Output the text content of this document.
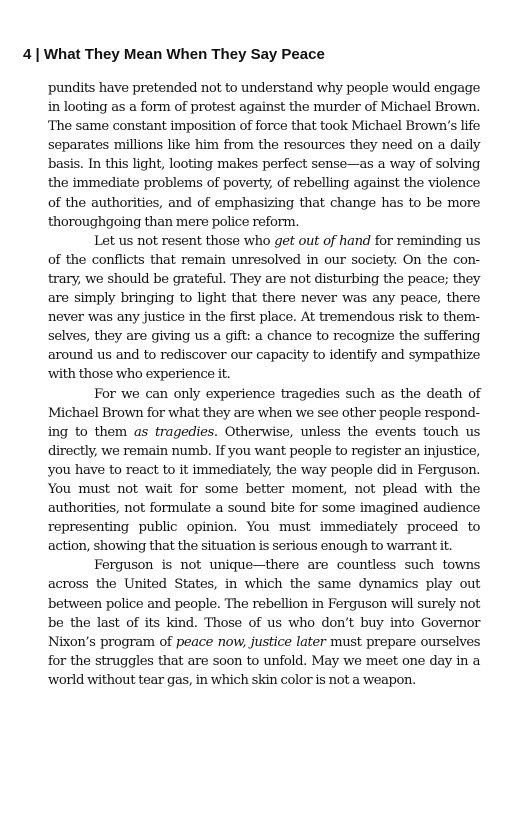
4 | What They Mean When They Say Peace

pundits have pretended not to understand why people would engage in looting as a form of protest against the murder of Michael Brown. The same constant imposition of force that took Michael Brown’s life separates millions like him from the resources they need on a daily basis. In this light, looting makes perfect sense—as a way of solving the immediate problems of poverty, of rebelling against the violence of the authorities, and of emphasizing that change has to be more thoroughgoing than mere police reform.

Let us not resent those who get out of hand for reminding us of the conflicts that remain unresolved in our society. On the contrary, we should be grateful. They are not disturbing the peace; they are simply bringing to light that there never was any peace, there never was any justice in the first place. At tremendous risk to themselves, they are giving us a gift: a chance to recognize the suffering around us and to rediscover our capacity to identify and sympathize with those who experience it.

For we can only experience tragedies such as the death of Michael Brown for what they are when we see other people responding to them as tragedies. Otherwise, unless the events touch us directly, we remain numb. If you want people to register an injustice, you have to react to it immediately, the way people did in Ferguson. You must not wait for some better moment, not plead with the authorities, not formulate a sound bite for some imagined audience representing public opinion. You must immediately proceed to action, showing that the situation is serious enough to warrant it.

Ferguson is not unique—there are countless such towns across the United States, in which the same dynamics play out between police and people. The rebellion in Ferguson will surely not be the last of its kind. Those of us who don’t buy into Governor Nixon’s program of peace now, justice later must prepare ourselves for the struggles that are soon to unfold. May we meet one day in a world without tear gas, in which skin color is not a weapon.
